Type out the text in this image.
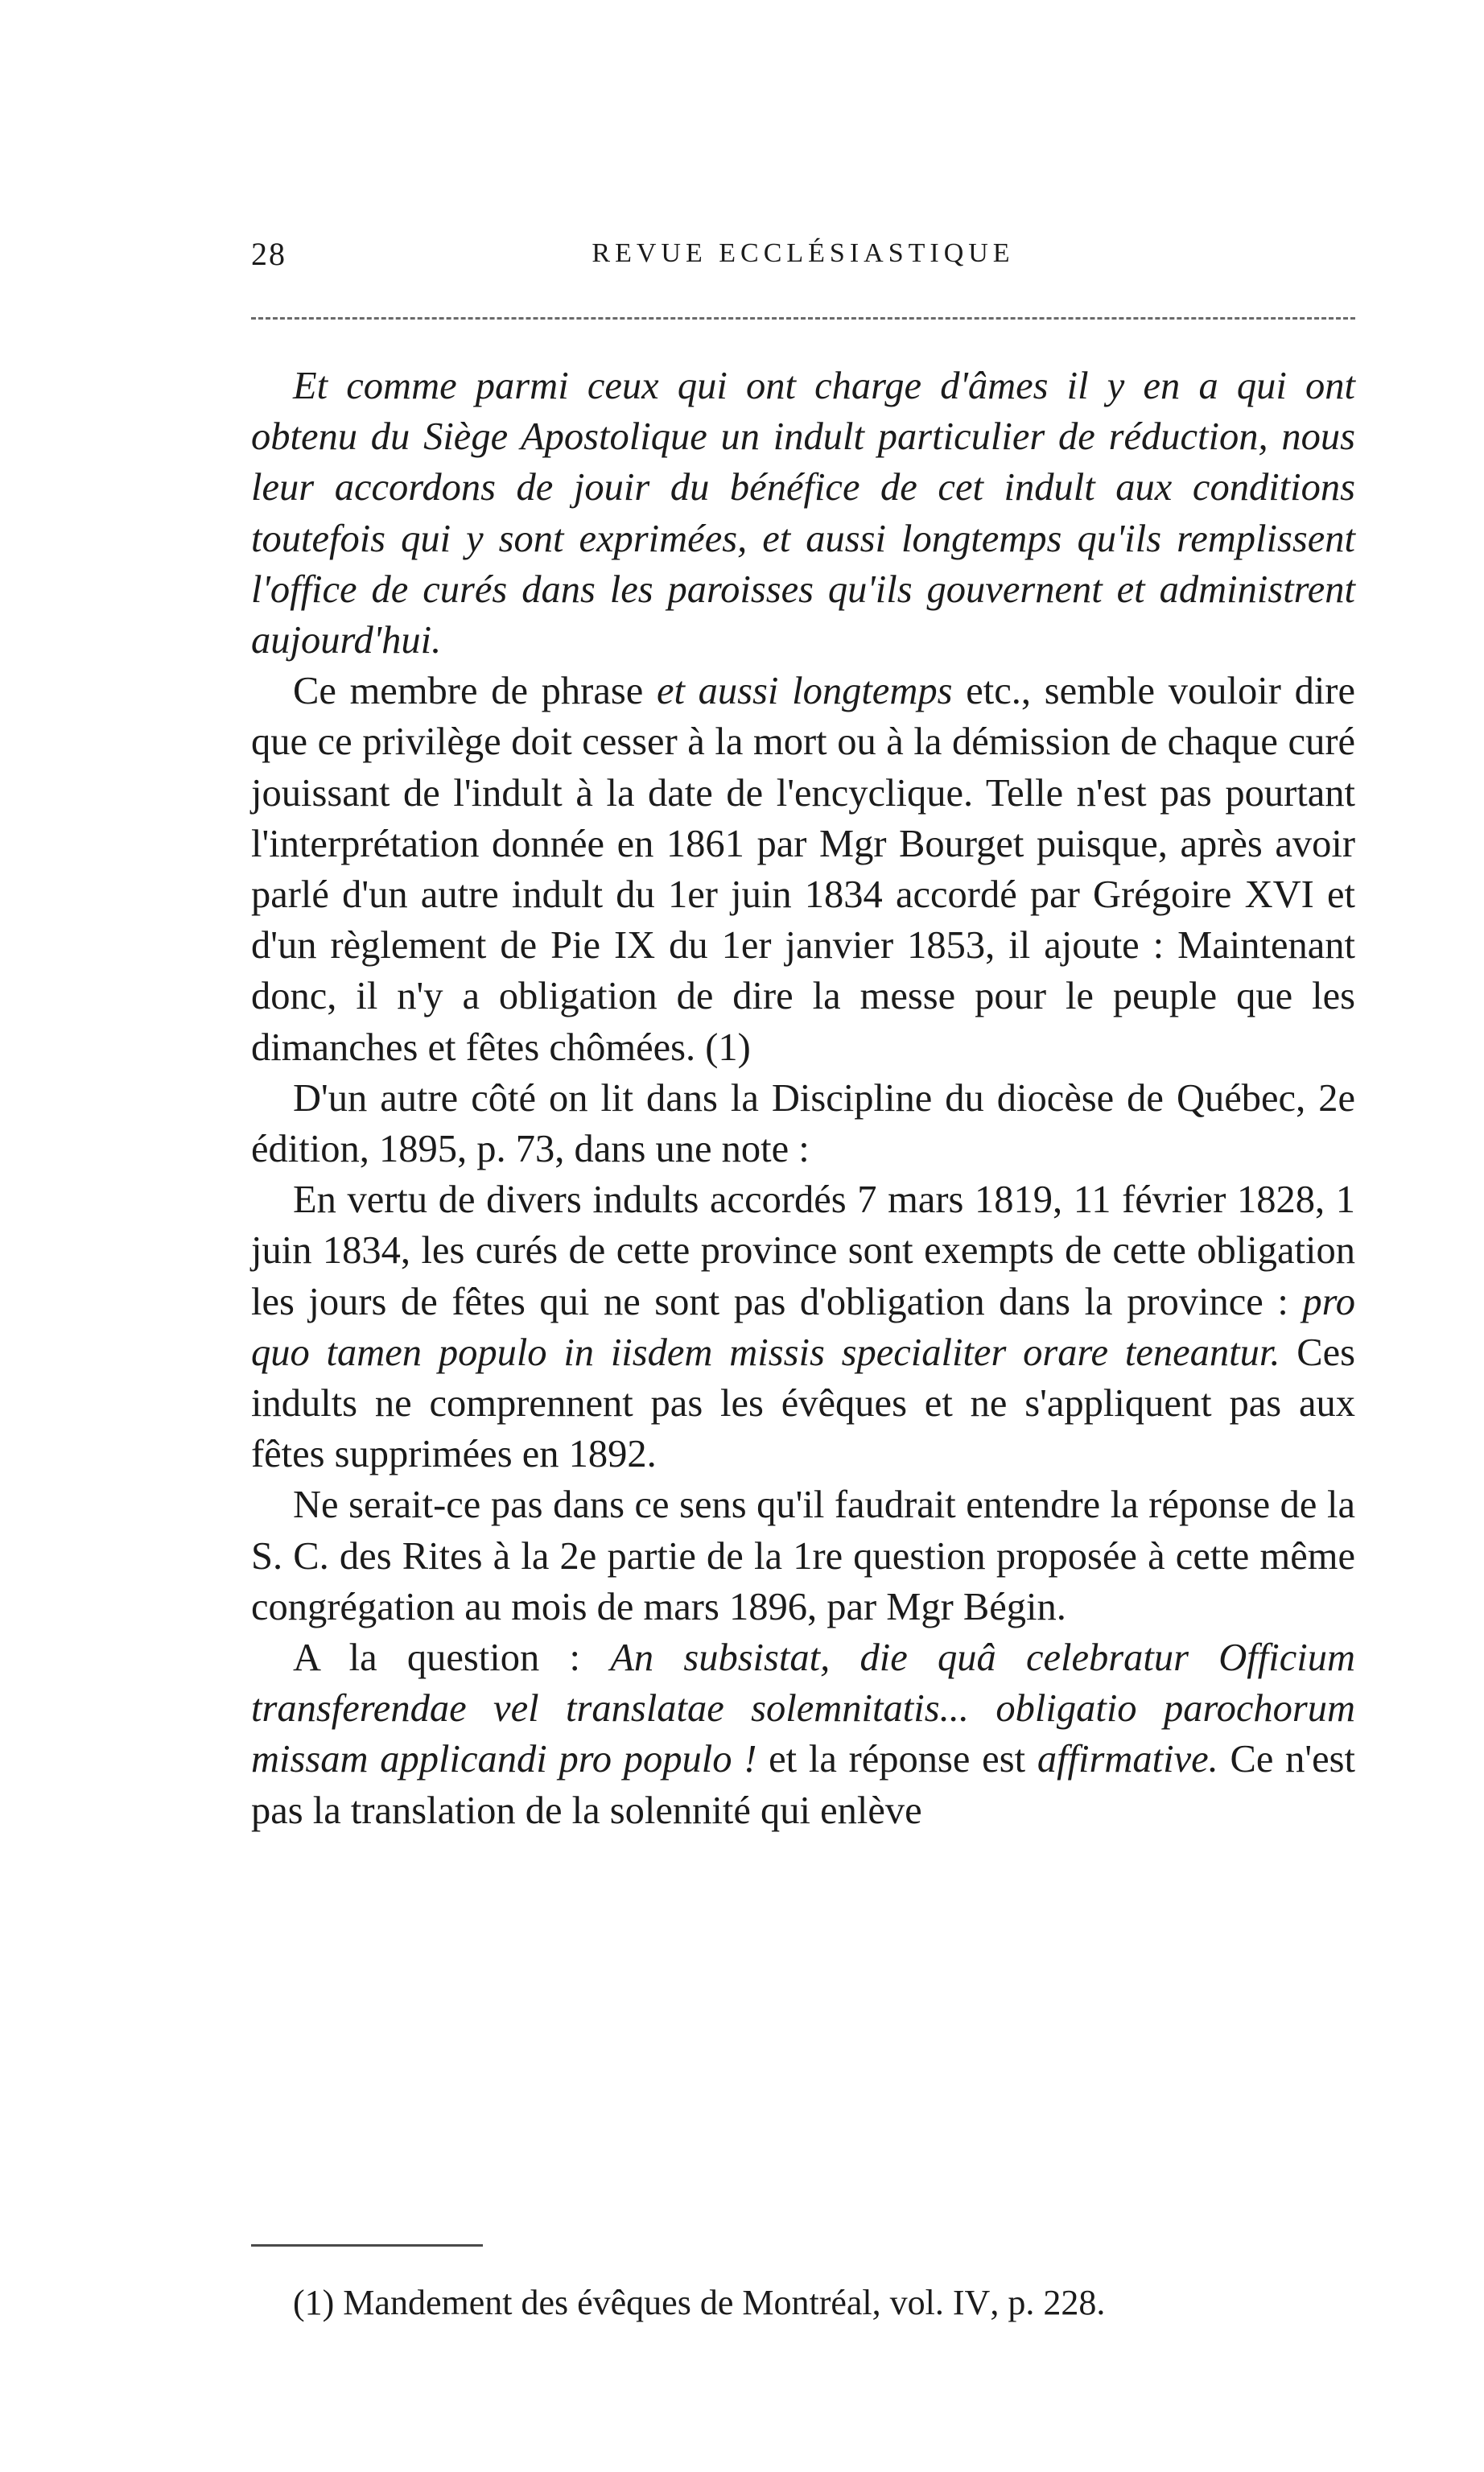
28	REVUE ECCLÉSIASTIQUE

Et comme parmi ceux qui ont charge d'âmes il y en a qui ont obtenu du Siège Apostolique un indult particulier de réduction, nous leur accordons de jouir du bénéfice de cet indult aux conditions toutefois qui y sont exprimées, et aussi longtemps qu'ils remplissent l'office de curés dans les paroisses qu'ils gouvernent et administrent aujourd'hui.

Ce membre de phrase et aussi longtemps etc., semble vouloir dire que ce privilège doit cesser à la mort ou à la démission de chaque curé jouissant de l'indult à la date de l'encyclique. Telle n'est pas pourtant l'interprétation donnée en 1861 par Mgr Bourget puisque, après avoir parlé d'un autre indult du 1er juin 1834 accordé par Grégoire XVI et d'un règlement de Pie IX du 1er janvier 1853, il ajoute : Maintenant donc, il n'y a obligation de dire la messe pour le peuple que les dimanches et fêtes chômées. (1)

D'un autre côté on lit dans la Discipline du diocèse de Québec, 2e édition, 1895, p. 73, dans une note :

En vertu de divers indults accordés 7 mars 1819, 11 février 1828, 1 juin 1834, les curés de cette province sont exempts de cette obligation les jours de fêtes qui ne sont pas d'obligation dans la province : pro quo tamen populo in iisdem missis specialiter orare teneantur. Ces indults ne comprennent pas les évêques et ne s'appliquent pas aux fêtes supprimées en 1892.

Ne serait-ce pas dans ce sens qu'il faudrait entendre la réponse de la S. C. des Rites à la 2e partie de la 1re question proposée à cette même congrégation au mois de mars 1896, par Mgr Bégin.

A la question : An subsistat, die quâ celebratur Officium transferendae vel translatae solemnitatis... obligatio parochorum missam applicandi pro populo ! et la réponse est affirmative. Ce n'est pas la translation de la solennité qui enlève

(1) Mandement des évêques de Montréal, vol. IV, p. 228.
